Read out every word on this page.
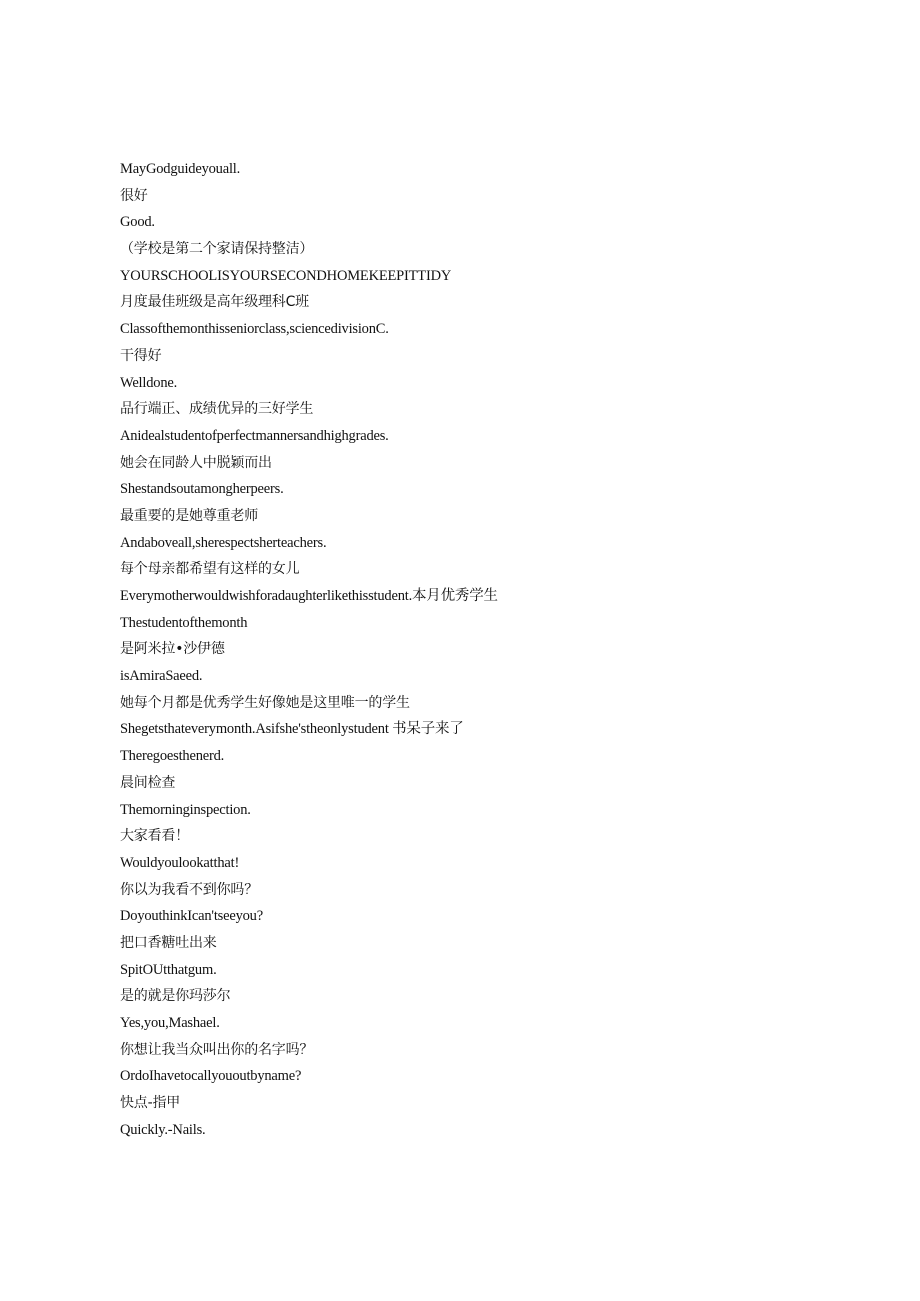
MayGodguideyouall.
很好
Good.
（学校是第二个家请保持整洁）
YOURSCHOOLISYOURSECONDHOMEKEEPITTIDY
月度最佳班级是高年级理科C班
Classofthemonthisseniorclass,sciencedivisionC.
干得好
Welldone.
品行端正、成绩优异的三好学生
Anidealstudentofperfectmannersandhighgrades.
她会在同龄人中脱颖而出
Shestandsoutamongherpeers.
最重要的是她尊重老师
Andaboveall,sherespectsherteachers.
每个母亲都希望有这样的女儿
Everymotherwouldwishforadaughterlikethisstudent.本月优秀学生
Thestudentofthemonth
是阿米拉•沙伊德
isAmiraSaeed.
她每个月都是优秀学生好像她是这里唯一的学生
Shegetsthateverymonth.Asifshe'stheonlystudent 书呆子来了
Theregoesthenerd.
晨间检查
Themorninginspection.
大家看看！
Wouldyoulookatthat!
你以为我看不到你吗？
DoyouthinkIcan'tseeyou?
把口香糖吐出来
SpitOUtthatgum.
是的就是你玛莎尔
Yes,you,Mashael.
你想让我当众叫出你的名字吗？
OrdoIhavetocallyououtbyname?
快点-指甲
Quickly.-Nails.
